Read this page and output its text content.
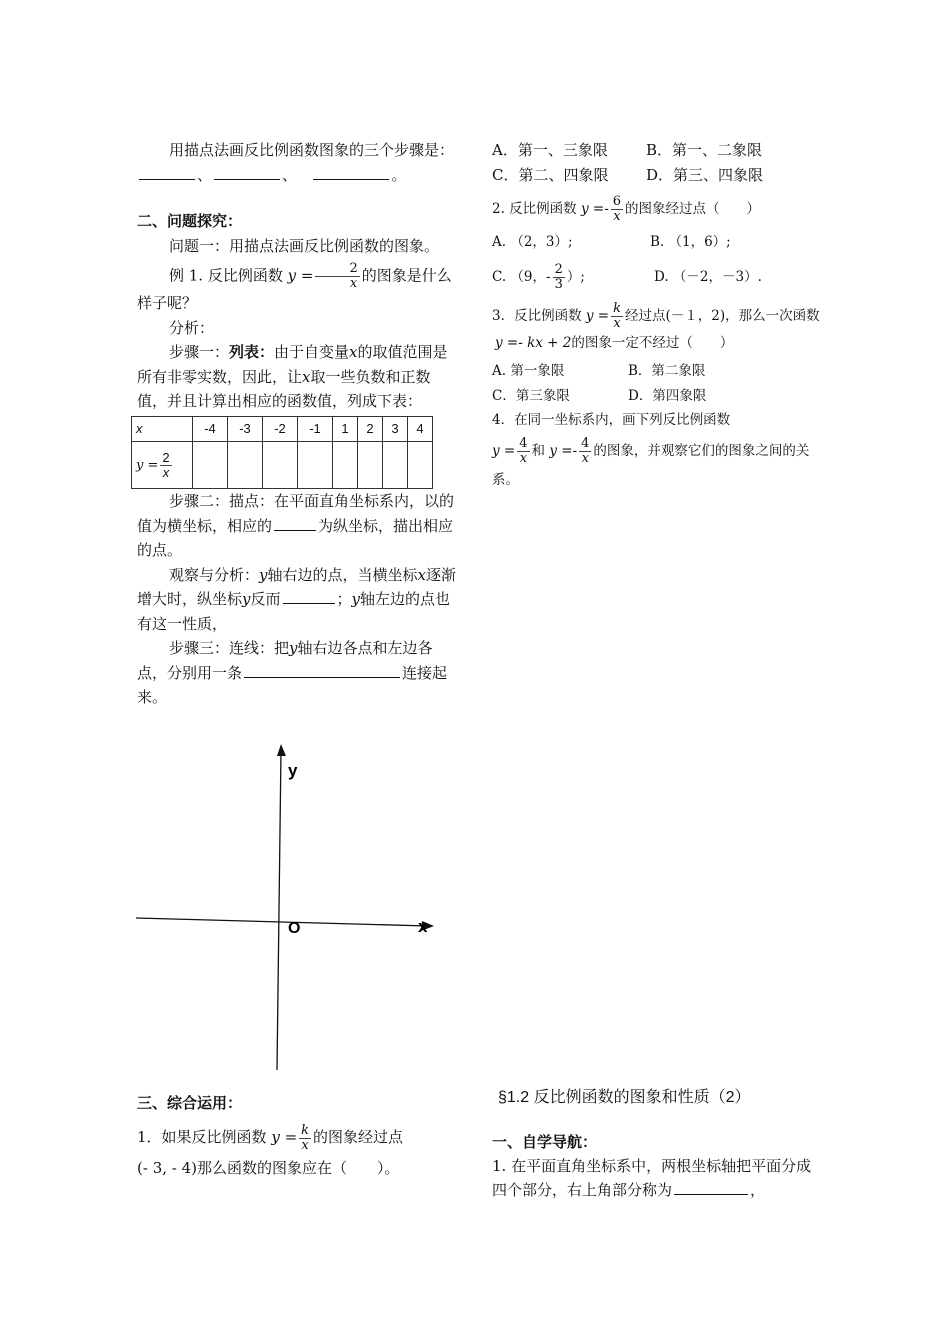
用描点法画反比例函数图象的三个步骤是：、	、	。

二、问题探究：

问题一：用描点法画反比例函数的图象。

例 1. 反比例函数 $y = \frac{2}{x}$ 的图象是什么样子呢？

分析：

步骤一：列表：由于自变量x的取值范围是所有非零实数，因此，让x取一些负数和正数值，并且计算出相应的函数值，列成下表：

x	-4	-3	-2	-1	1	2	3	4
$y = \frac{2}{x}$

步骤二：描点：在平面直角坐标系内，以的值为横坐标，相应的	为纵坐标，描出相应的点。

观察与分析：y轴右边的点，当横坐标x逐渐增大时，纵坐标y反而	；y轴左边的点也有这一性质，

步骤三：连线：把y轴右边各点和左边各点，分别用一条	连接起来。

y
x
O
三、综合运用：
1．如果反比例函数 $y = \frac{k}{x}$ 的图象经过点
(- 3, - 4)那么函数的图象应在（　　）。
A．第一、三象限	B．第一、二象限
C．第二、四象限	D．第三、四象限
2. 反比例函数 $y =- \frac{6}{x}$ 的图象经过点（　　）
A. （2，3）;	B. （1，6）;
C. （9，- $\frac{2}{3}$ ）;	D. （－2，－3）.
3．反比例函数 $y = \frac{k}{x}$ 经过点(－１，2)，那么一次函数y =- kx + 2的图象一定不经过（　　）
A. 第一象限	B．第二象限
C．第三象限	D．第四象限
4．在同一坐标系内，画下列反比例函数
$y = \frac{4}{x}$ 和 $y =- \frac{4}{x}$ 的图象，并观察它们的图象之间的关系。
§1.2 反比例函数的图象和性质（2）
一、自学导航：
1. 在平面直角坐标系中，两根坐标轴把平面分成四个部分，右上角部分称为	，
